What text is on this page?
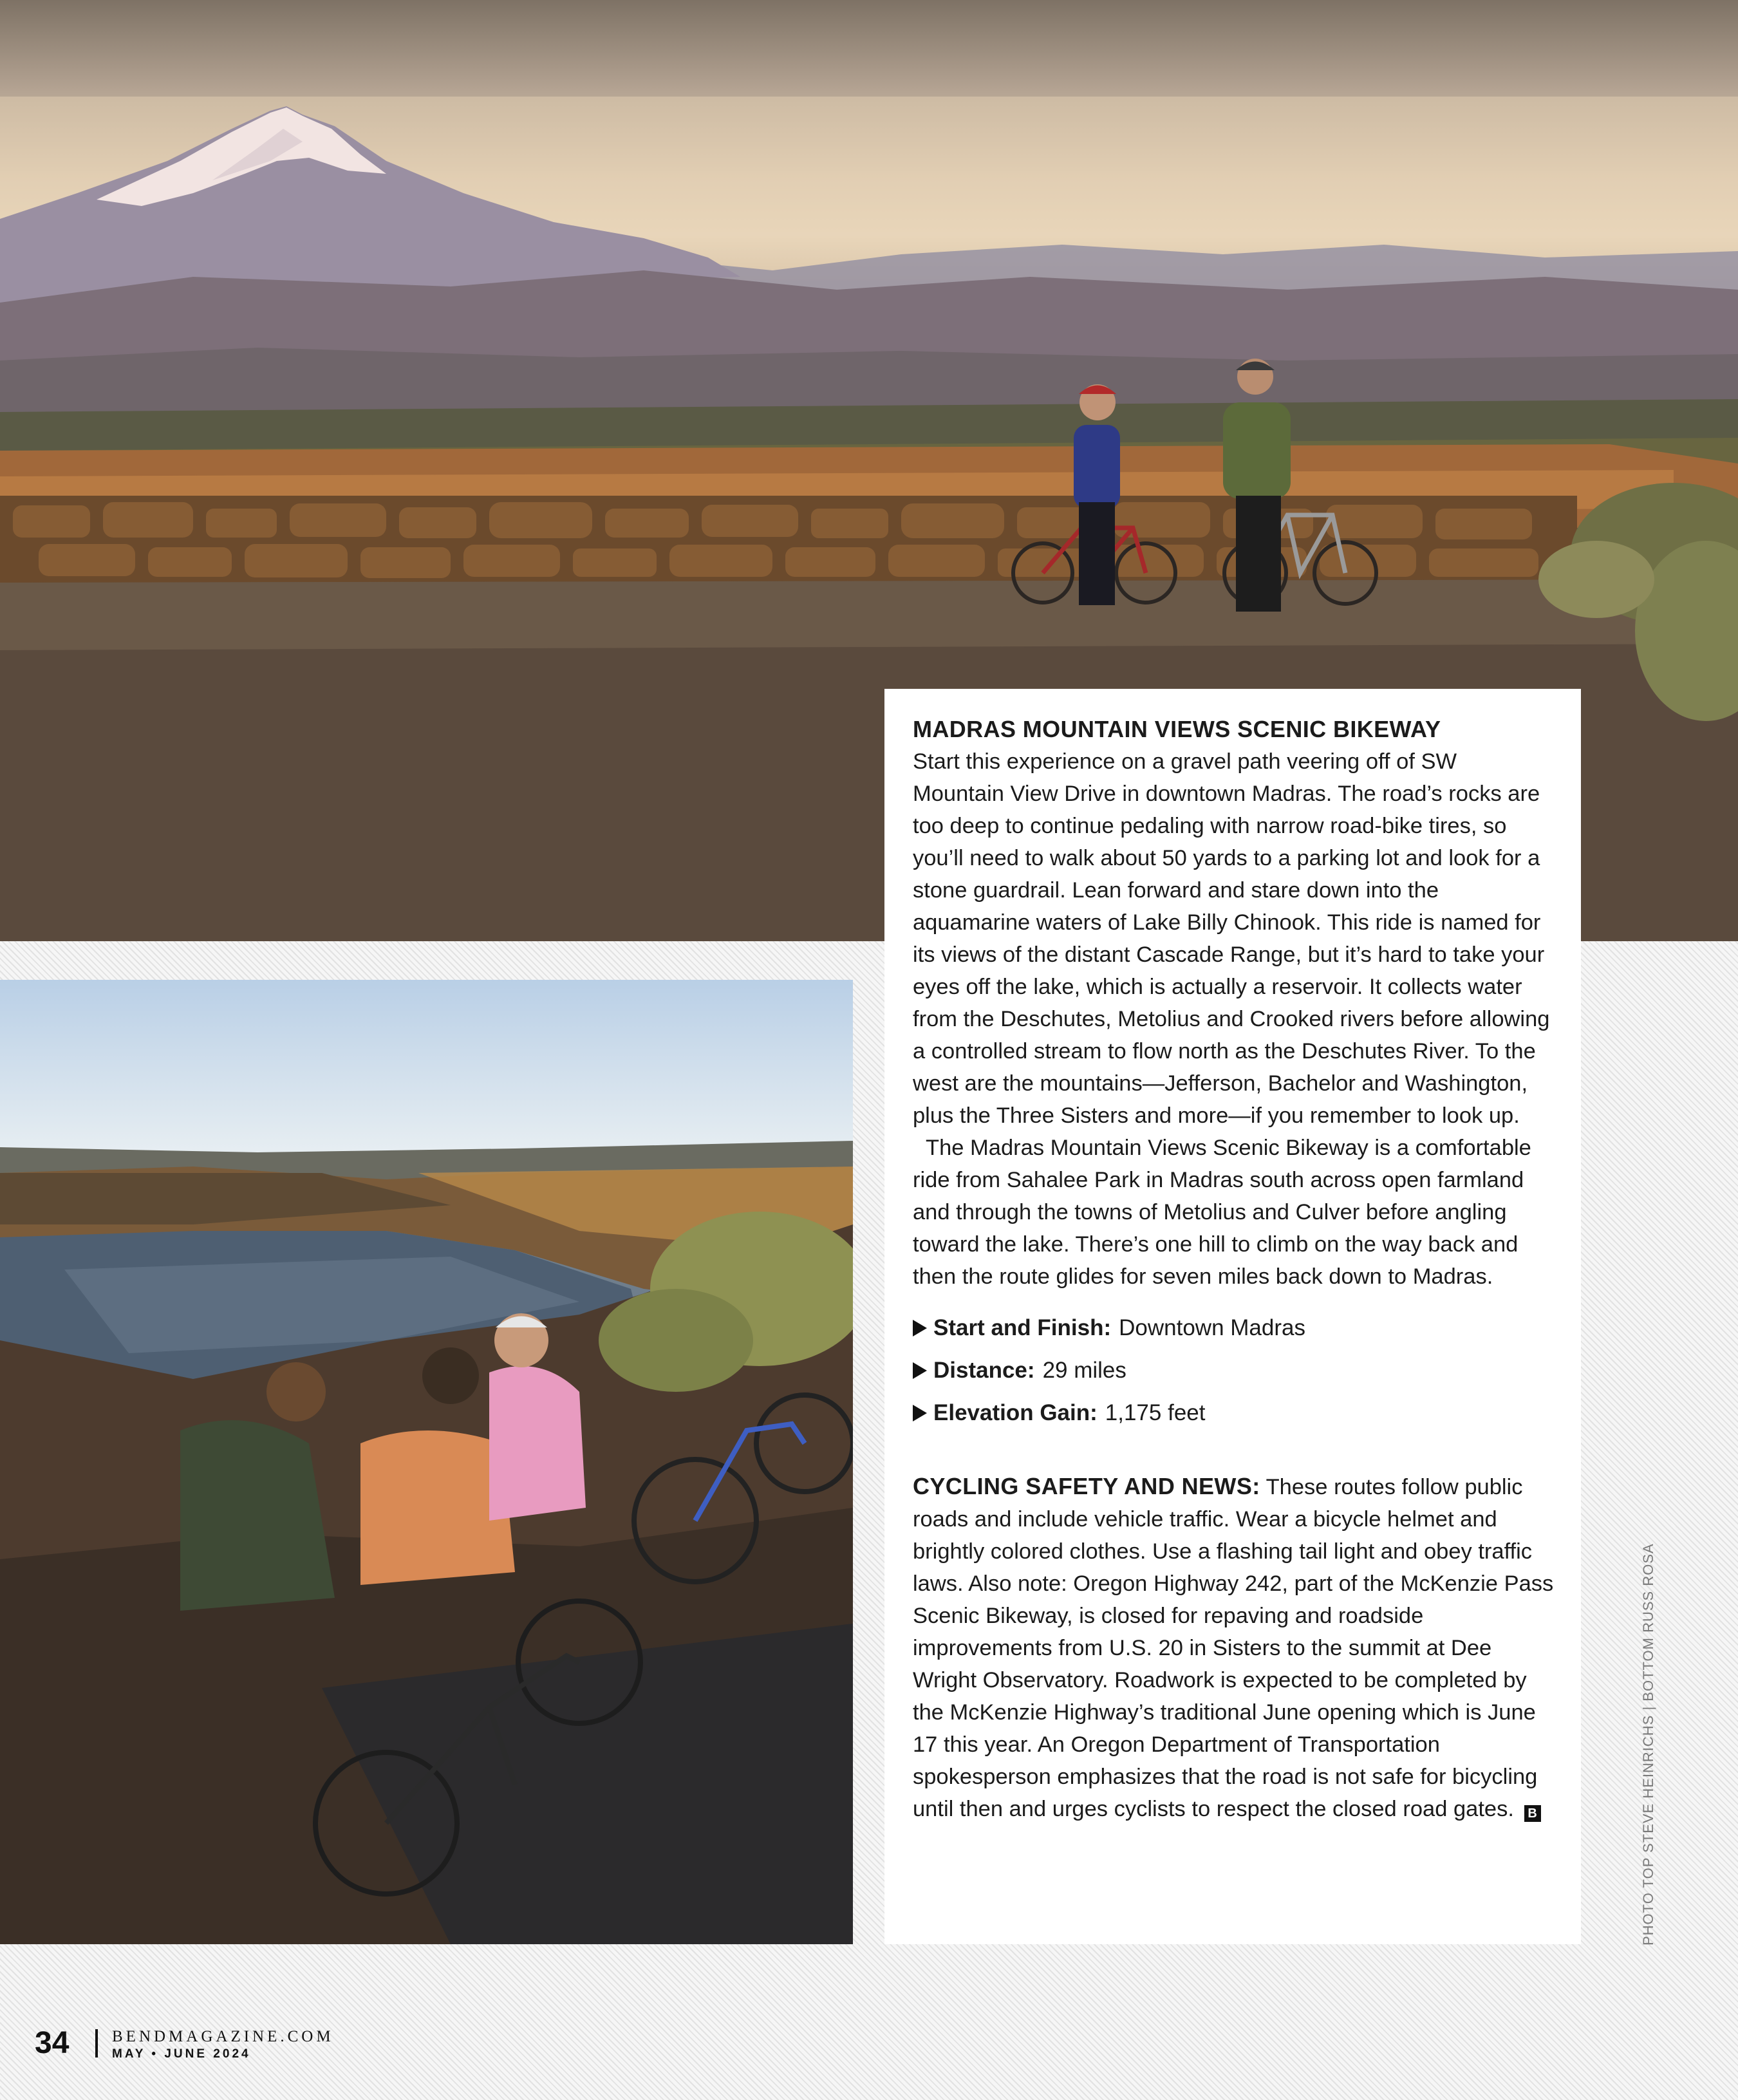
MADRAS MOUNTAIN VIEWS SCENIC BIKEWAY

Start this experience on a gravel path veering off of SW Mountain View Drive in downtown Madras. The road’s rocks are too deep to continue pedaling with narrow road-bike tires, so you’ll need to walk about 50 yards to a parking lot and look for a stone guardrail. Lean forward and stare down into the aquamarine waters of Lake Billy Chinook. This ride is named for its views of the distant Cascade Range, but it’s hard to take your eyes off the lake, which is actually a reservoir. It collects water from the Deschutes, Metolius and Crooked rivers before allowing a controlled stream to flow north as the Deschutes River. To the west are the mountains—Jefferson, Bachelor and Washington, plus the Three Sisters and more—if you remember to look up.

The Madras Mountain Views Scenic Bikeway is a comfortable ride from Sahalee Park in Madras south across open farmland and through the towns of Metolius and Culver before angling toward the lake. There’s one hill to climb on the way back and then the route glides for seven miles back down to Madras.

Start and Finish: Downtown Madras
Distance: 29 miles
Elevation Gain: 1,175 feet
CYCLING SAFETY AND NEWS: These routes follow public roads and include vehicle traffic. Wear a bicycle helmet and brightly colored clothes. Use a flashing tail light and obey traffic laws. Also note: Oregon Highway 242, part of the McKenzie Pass Scenic Bikeway, is closed for repaving and roadside improvements from U.S. 20 in Sisters to the summit at Dee Wright Observatory. Roadwork is expected to be completed by the McKenzie Highway’s traditional June opening which is June 17 this year. An Oregon Department of Transportation spokesperson emphasizes that the road is not safe for bicycling until then and urges cyclists to respect the closed road gates. B	PHOTO TOP STEVE HEINRICHS | BOTTOM RUSS ROSA
34	BENDMAGAZINE.COM
MAY • JUNE 2024
